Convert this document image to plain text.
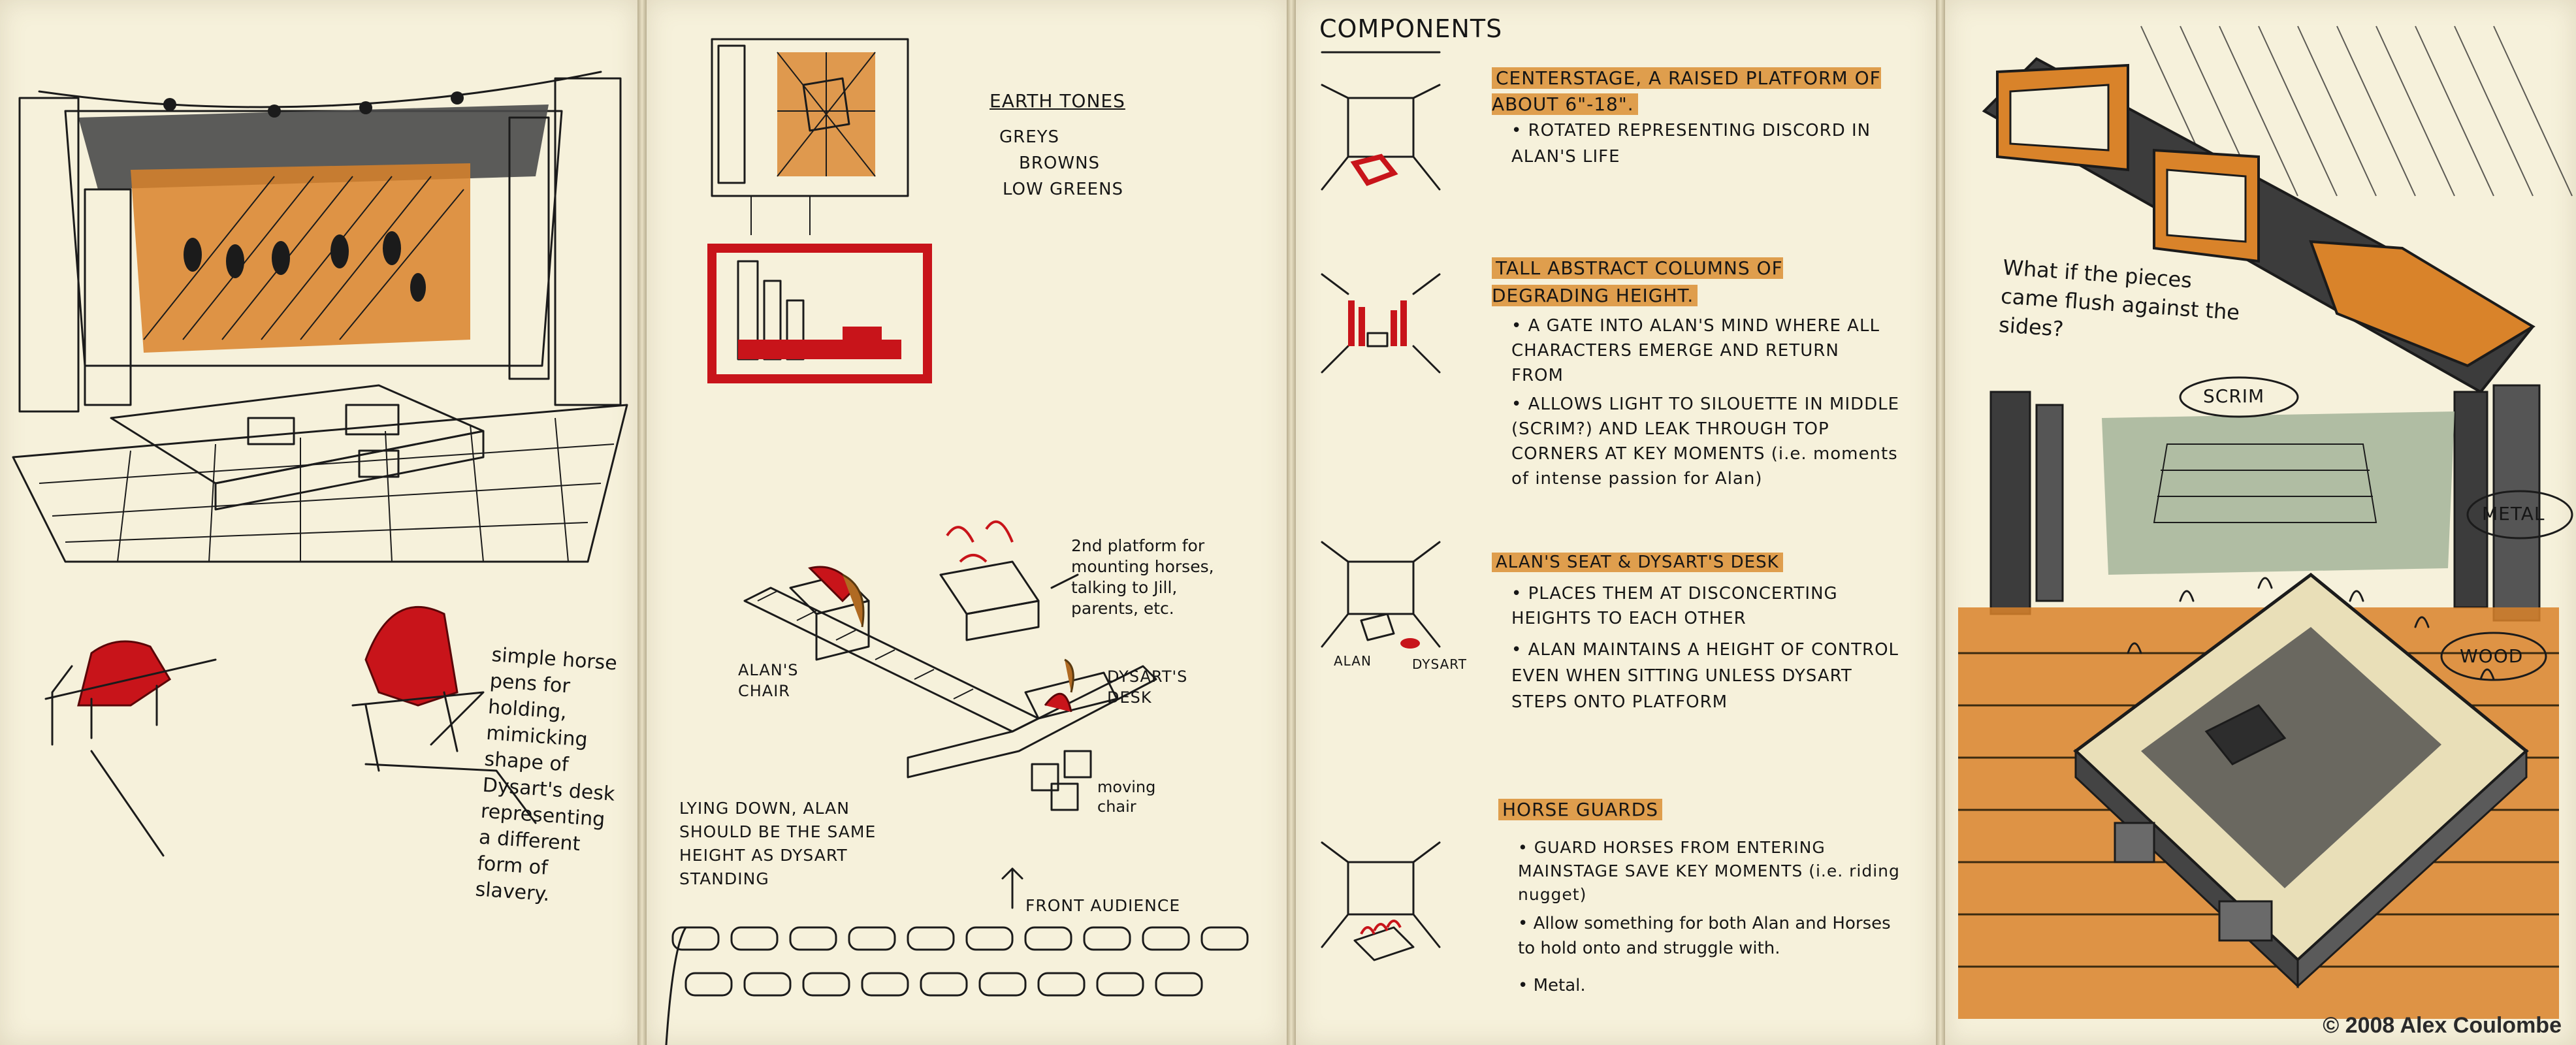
simple horse pens for holding, mimicking shape of Dysart's desk representing a different form of slavery.
EARTH TONES
GREYS
BROWNS
LOW GREENS
2nd platform for mounting horses, talking to Jill, parents, etc.
ALAN'S CHAIR
DYSART'S DESK
moving chair
LYING DOWN, ALAN SHOULD BE THE SAME HEIGHT AS DYSART STANDING
FRONT AUDIENCE
COMPONENTS
CENTERSTAGE, A RAISED PLATFORM OF ABOUT 6"-18".
• ROTATED REPRESENTING DISCORD IN ALAN'S LIFE
TALL ABSTRACT COLUMNS OF DEGRADING HEIGHT.
• A GATE INTO ALAN'S MIND WHERE ALL CHARACTERS EMERGE AND RETURN FROM
• ALLOWS LIGHT TO SILOUETTE IN MIDDLE (SCRIM?) AND LEAK THROUGH TOP CORNERS AT KEY MOMENTS (i.e. moments of intense passion for Alan)
ALAN'S SEAT & DYSART'S DESK
• PLACES THEM AT DISCONCERTING HEIGHTS TO EACH OTHER
• ALAN MAINTAINS A HEIGHT OF CONTROL EVEN WHEN SITTING UNLESS DYSART STEPS ONTO PLATFORM
HORSE GUARDS
• GUARD HORSES FROM ENTERING MAINSTAGE SAVE KEY MOMENTS (i.e. riding nugget)
• Allow something for both Alan and Horses to hold onto and struggle with.
• Metal.
ALAN	DYSART
What if the pieces came flush against the sides?
SCRIM
METAL
WOOD
© 2008 Alex Coulombe
